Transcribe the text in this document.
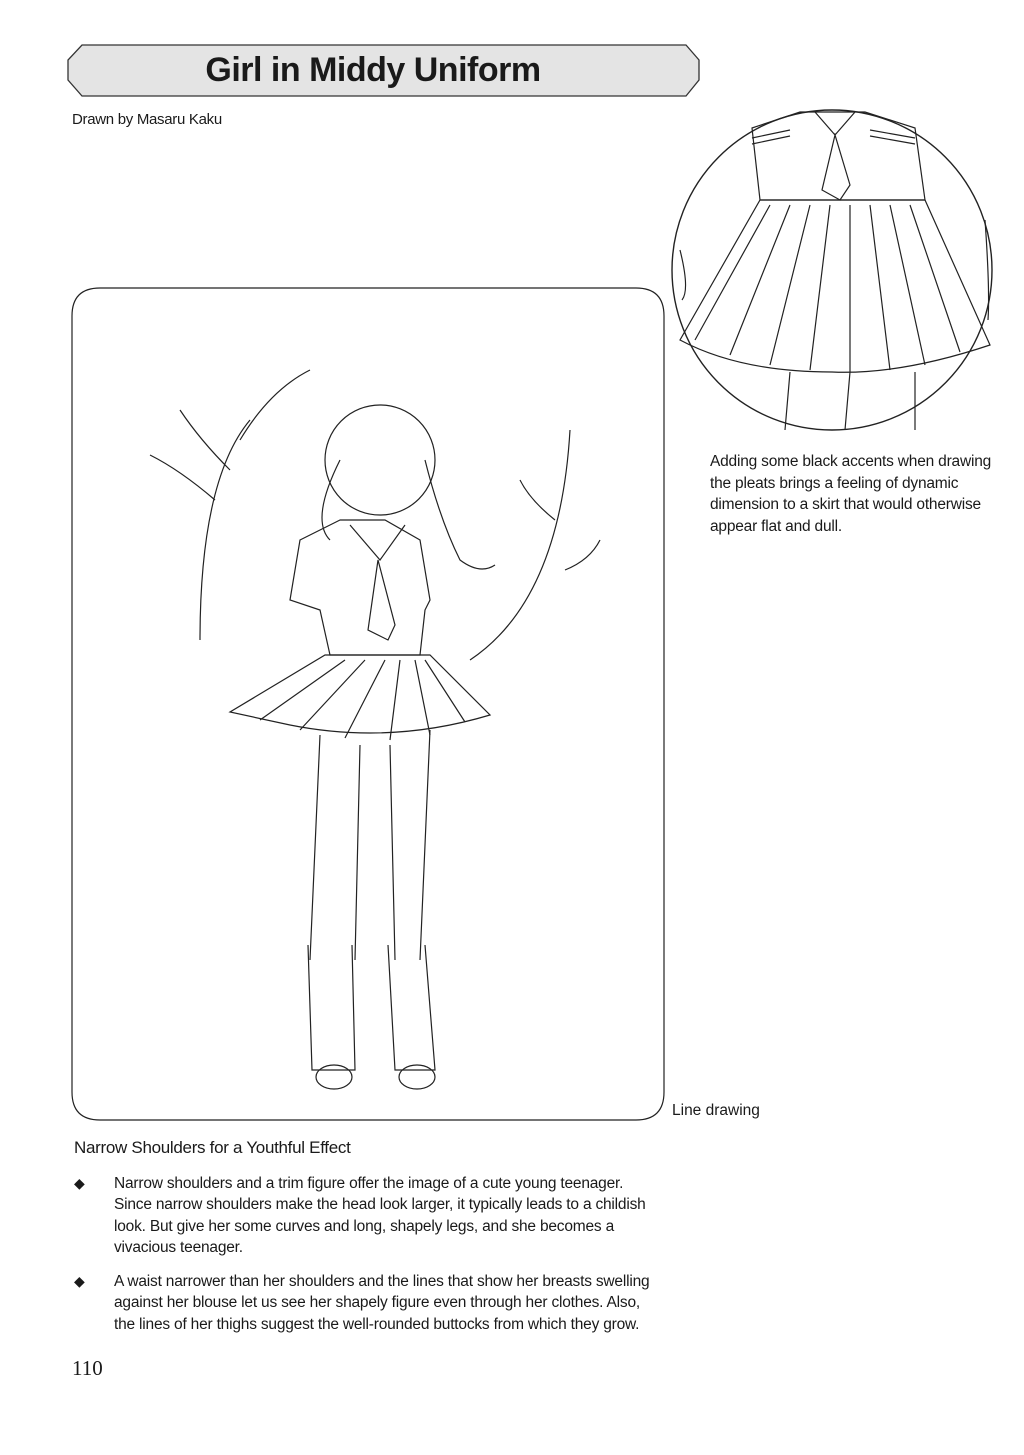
Girl in Middy Uniform
Drawn by Masaru Kaku
Adding some black accents when drawing the pleats brings a feeling of dynamic dimension to a skirt that would otherwise appear flat and dull.
Line drawing
Narrow Shoulders for a Youthful Effect
◆ Narrow shoulders and a trim figure offer the image of a cute young teenager. Since narrow shoulders make the head look larger, it typically leads to a childish look. But give her some curves and long, shapely legs, and she becomes a vivacious teenager.
◆ A waist narrower than her shoulders and the lines that show her breasts swelling against her blouse let us see her shapely figure even through her clothes. Also, the lines of her thighs suggest the well-rounded buttocks from which they grow.
110
